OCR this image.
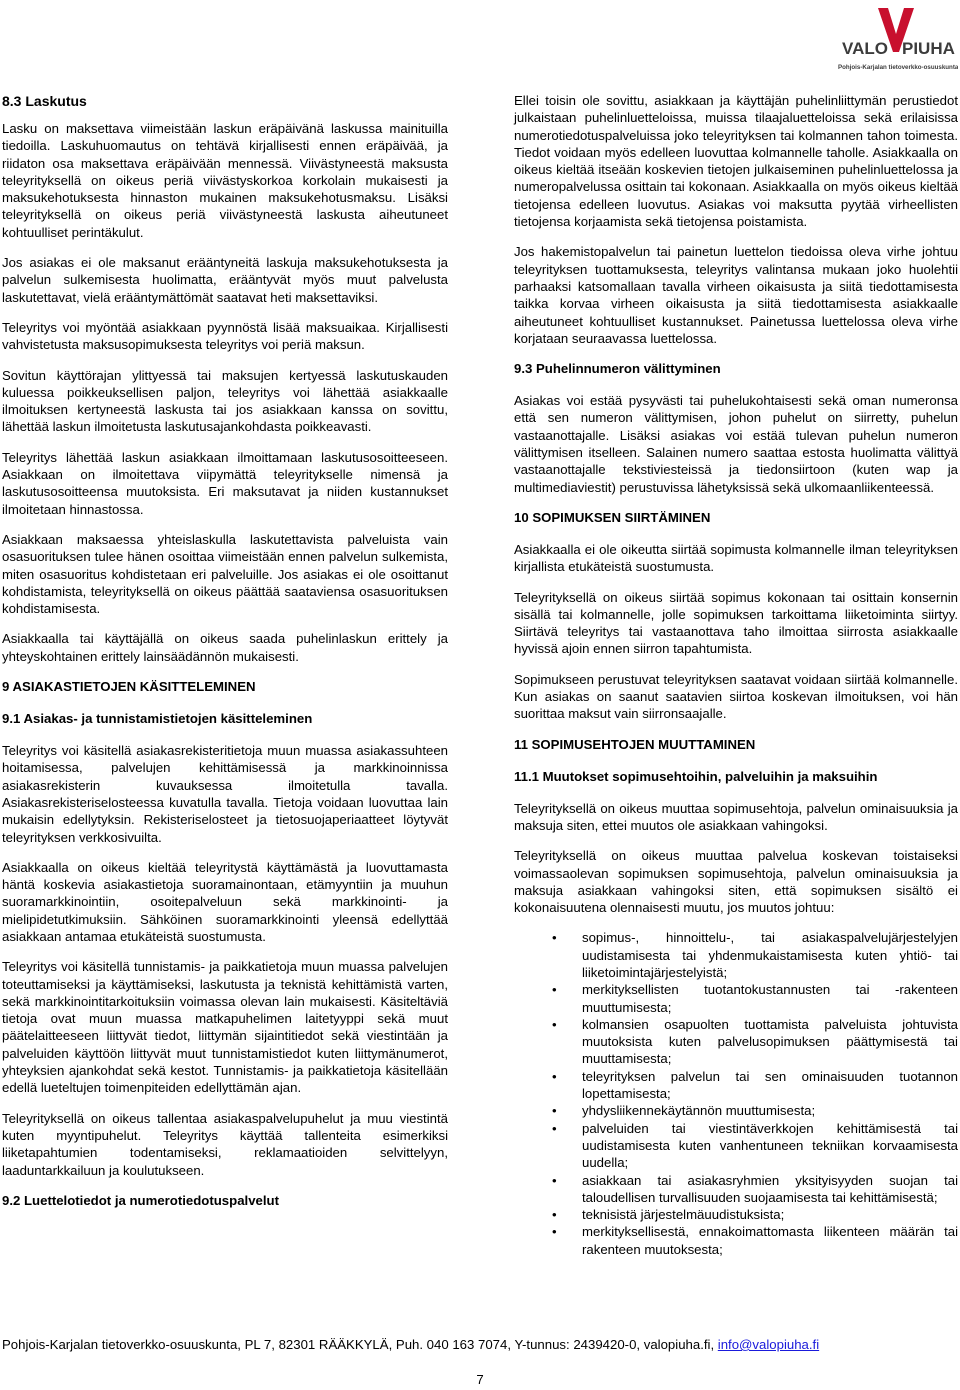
VALO PIUHA
Pohjois-Karjalan tietoverkko-osuuskunta
8.3 Laskutus

Lasku on maksettava viimeistään laskun eräpäivänä laskussa mainituilla tiedoilla. Laskuhuomautus on tehtävä kirjallisesti ennen eräpäivää, ja riidaton osa maksettava eräpäivään mennessä. Viivästyneestä maksusta teleyrityksellä on oikeus periä viivästyskorkoa korkolain mukaisesti ja maksukehotuksesta hinnaston mukainen maksukehotusmaksu. Lisäksi teleyrityksellä on oikeus periä viivästyneestä laskusta aiheutuneet kohtuulliset perintäkulut.

Jos asiakas ei ole maksanut erääntyneitä laskuja maksukehotuksesta ja palvelun sulkemisesta huolimatta, erääntyvät myös muut palvelusta laskutettavat, vielä erääntymättömät saatavat heti maksettaviksi.

Teleyritys voi myöntää asiakkaan pyynnöstä lisää maksuaikaa. Kirjallisesti vahvistetusta maksusopimuksesta teleyritys voi periä maksun.

Sovitun käyttörajan ylittyessä tai maksujen kertyessä laskutuskauden kuluessa poikkeuksellisen paljon, teleyritys voi lähettää asiakkaalle ilmoituksen kertyneestä laskusta tai jos asiakkaan kanssa on sovittu, lähettää laskun ilmoitetusta laskutusajankohdasta poikkeavasti.

Teleyritys lähettää laskun asiakkaan ilmoittamaan laskutusosoitteeseen. Asiakkaan on ilmoitettava viipymättä teleyritykselle nimensä ja laskutusosoitteensa muutoksista. Eri maksutavat ja niiden kustannukset ilmoitetaan hinnastossa.

Asiakkaan maksaessa yhteislaskulla laskutettavista palveluista vain osasuorituksen tulee hänen osoittaa viimeistään ennen palvelun sulkemista, miten osasuoritus kohdistetaan eri palveluille. Jos asiakas ei ole osoittanut kohdistamista, teleyrityksellä on oikeus päättää saataviensa osasuorituksen kohdistamisesta.

Asiakkaalla tai käyttäjällä on oikeus saada puhelinlaskun erittely ja yhteyskohtainen erittely lainsäädännön mukaisesti.

9 ASIAKASTIETOJEN KÄSITTELEMINEN
9.1 Asiakas- ja tunnistamistietojen käsitteleminen

Teleyritys voi käsitellä asiakasrekisteritietoja muun muassa asiakassuhteen hoitamisessa, palvelujen kehittämisessä ja markkinoinnissa asiakasrekisterin kuvauksessa ilmoitetulla tavalla. Asiakasrekisteriselosteessa kuvatulla tavalla. Tietoja voidaan luovuttaa lain mukaisin edellytyksin. Rekisteriselosteet ja tietosuojaperiaatteet löytyvät teleyrityksen verkkosivuilta.

Asiakkaalla on oikeus kieltää teleyritystä käyttämästä ja luovuttamasta häntä koskevia asiakastietoja suoramainontaan, etämyyntiin ja muuhun suoramarkkinointiin, osoitepalveluun sekä markkinointi- ja mielipidetutkimuksiin. Sähköinen suoramarkkinointi yleensä edellyttää asiakkaan antamaa etukäteistä suostumusta.

Teleyritys voi käsitellä tunnistamis- ja paikkatietoja muun muassa palvelujen toteuttamiseksi ja käyttämiseksi, laskutusta ja teknistä kehittämistä varten, sekä markkinointitarkoituksiin voimassa olevan lain mukaisesti. Käsiteltäviä tietoja ovat muun muassa matkapuhelimen laitetyyppi sekä muut päätelaitteeseen liittyvät tiedot, liittymän sijaintitiedot sekä viestintään ja palveluiden käyttöön liittyvät muut tunnistamistiedot kuten liittymänumerot, yhteyksien ajankohdat sekä kestot. Tunnistamis- ja paikkatietoja käsitellään edellä lueteltujen toimenpiteiden edellyttämän ajan.

Teleyrityksellä on oikeus tallentaa asiakaspalvelupuhelut ja muu viestintä kuten myyntipuhelut. Teleyritys käyttää tallenteita esimerkiksi liiketapahtumien todentamiseksi, reklamaatioiden selvittelyyn, laaduntarkkailuun ja koulutukseen.

9.2 Luettelotiedot ja numerotiedotuspalvelut

Ellei toisin ole sovittu, asiakkaan ja käyttäjän puhelinliittymän perustiedot julkaistaan puhelinluetteloissa, muissa tilaajaluetteloissa sekä erilaisissa numerotiedotuspalveluissa joko teleyrityksen tai kolmannen tahon toimesta. Tiedot voidaan myös edelleen luovuttaa kolmannelle taholle. Asiakkaalla on oikeus kieltää itseään koskevien tietojen julkaiseminen puhelinluettelossa ja numeropalvelussa osittain tai kokonaan. Asiakkaalla on myös oikeus kieltää tietojensa edelleen luovutus. Asiakas voi maksutta pyytää virheellisten tietojensa korjaamista sekä tietojensa poistamista.

Jos hakemistopalvelun tai painetun luettelon tiedoissa oleva virhe johtuu teleyrityksen tuottamuksesta, teleyritys valintansa mukaan joko huolehtii parhaaksi katsomallaan tavalla virheen oikaisusta ja siitä tiedottamisesta taikka korvaa virheen oikaisusta ja siitä tiedottamisesta asiakkaalle aiheutuneet kohtuulliset kustannukset. Painetussa luettelossa oleva virhe korjataan seuraavassa luettelossa.

9.3 Puhelinnumeron välittyminen

Asiakas voi estää pysyvästi tai puhelukohtaisesti sekä oman numeronsa että sen numeron välittymisen, johon puhelut on siirretty, puhelun vastaanottajalle. Lisäksi asiakas voi estää tulevan puhelun numeron välittymisen itselleen. Salainen numero saattaa estosta huolimatta välittyä vastaanottajalle tekstiviesteissä ja tiedonsiirtoon (kuten wap ja multimediaviestit) perustuvissa lähetyksissä sekä ulkomaanliikenteessä.

10 SOPIMUKSEN SIIRTÄMINEN

Asiakkaalla ei ole oikeutta siirtää sopimusta kolmannelle ilman teleyrityksen kirjallista etukäteistä suostumusta.

Teleyrityksellä on oikeus siirtää sopimus kokonaan tai osittain konsernin sisällä tai kolmannelle, jolle sopimuksen tarkoittama liiketoiminta siirtyy. Siirtävä teleyritys tai vastaanottava taho ilmoittaa siirrosta asiakkaalle hyvissä ajoin ennen siirron tapahtumista.

Sopimukseen perustuvat teleyrityksen saatavat voidaan siirtää kolmannelle. Kun asiakas on saanut saatavien siirtoa koskevan ilmoituksen, voi hän suorittaa maksut vain siirronsaajalle.

11 SOPIMUSEHTOJEN MUUTTAMINEN
11.1 Muutokset sopimusehtoihin, palveluihin ja maksuihin

Teleyrityksellä on oikeus muuttaa sopimusehtoja, palvelun ominaisuuksia ja maksuja siten, ettei muutos ole asiakkaan vahingoksi.

Teleyrityksellä on oikeus muuttaa palvelua koskevan toistaiseksi voimassaolevan sopimuksen sopimusehtoja, palvelun ominaisuuksia ja maksuja asiakkaan vahingoksi siten, että sopimuksen sisältö ei kokonaisuutena olennaisesti muutu, jos muutos johtuu:

• sopimus-, hinnoittelu-, tai asiakaspalvelujärjestelyjen uudistamisesta tai yhdenmukaistamisesta kuten yhtiö- tai liiketoimintajärjestelyistä;
• merkityksellisten tuotantokustannusten tai -rakenteen muuttumisesta;
• kolmansien osapuolten tuottamista palveluista johtuvista muutoksista kuten palvelusopimuksen päättymisestä tai muuttamisesta;
• teleyrityksen palvelun tai sen ominaisuuden tuotannon lopettamisesta;
• yhdysliikennekäytännön muuttumisesta;
• palveluiden tai viestintäverkkojen kehittämisestä tai uudistamisesta kuten vanhentuneen tekniikan korvaamisesta uudella;
• asiakkaan tai asiakasryhmien yksityisyyden suojan tai taloudellisen turvallisuuden suojaamisesta tai kehittämisestä;
• teknisistä järjestelmäuudistuksista;
• merkityksellisestä, ennakoimattomasta liikenteen määrän tai rakenteen muutoksesta;
Pohjois-Karjalan tietoverkko-osuuskunta, PL 7, 82301 RÄÄKKYLÄ, Puh. 040 163 7074, Y-tunnus: 2439420-0, valopiuha.fi, info@valopiuha.fi
7
